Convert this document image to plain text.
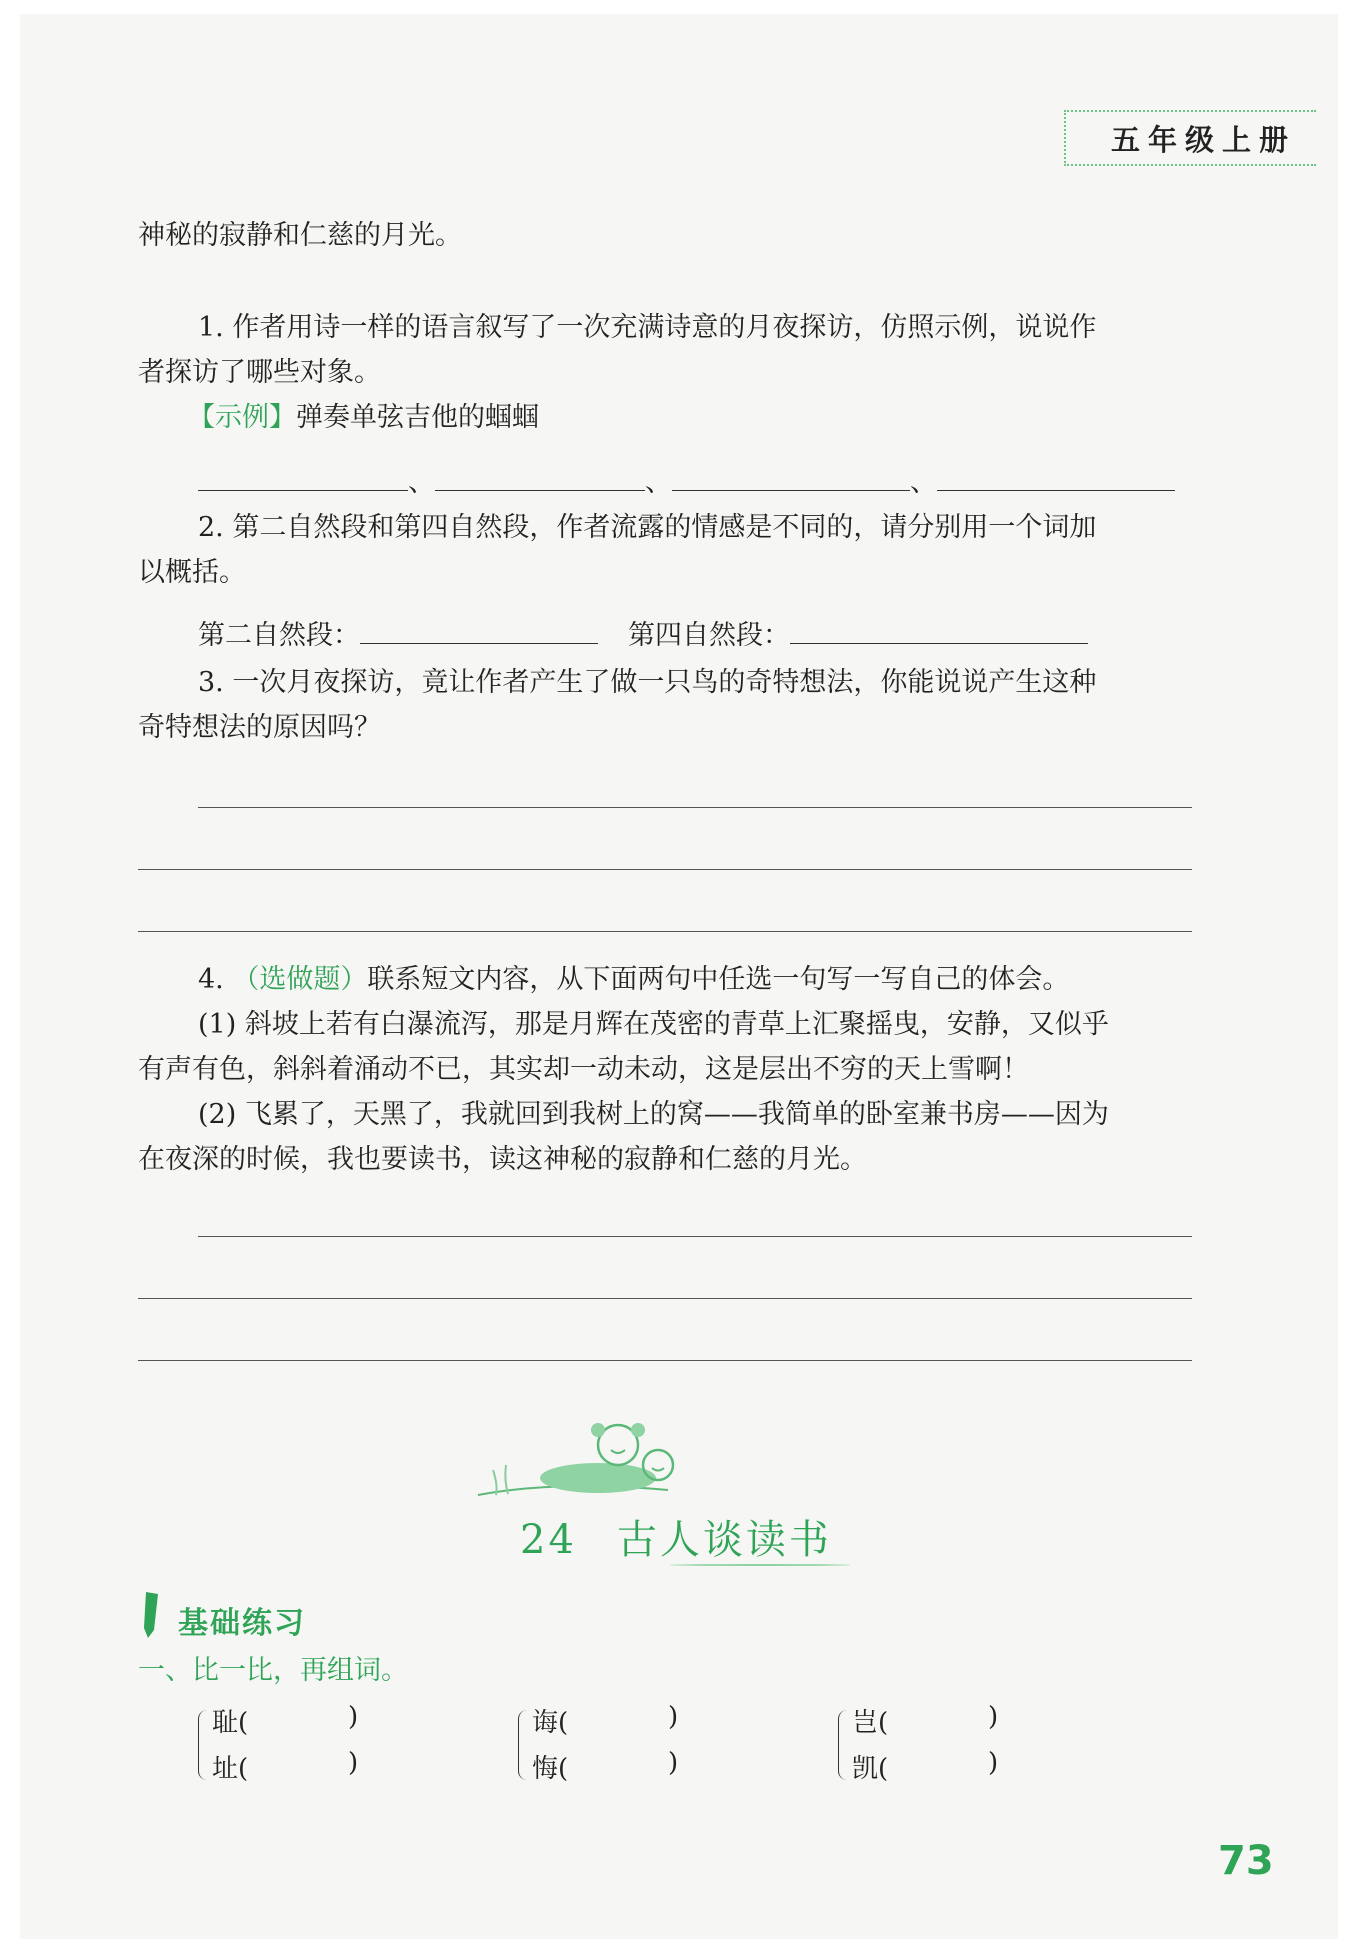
五年级上册
神秘的寂静和仁慈的月光。
1. 作者用诗一样的语言叙写了一次充满诗意的月夜探访，仿照示例，说说作
者探访了哪些对象。
【示例】弹奏单弦吉他的蝈蝈
、	、	、
2. 第二自然段和第四自然段，作者流露的情感是不同的，请分别用一个词加
以概括。
第二自然段：	第四自然段：
3. 一次月夜探访，竟让作者产生了做一只鸟的奇特想法，你能说说产生这种
奇特想法的原因吗？
4. （选做题）联系短文内容，从下面两句中任选一句写一写自己的体会。
(1) 斜坡上若有白瀑流泻，那是月辉在茂密的青草上汇聚摇曳，安静，又似乎
有声有色，斜斜着涌动不已，其实却一动未动，这是层出不穷的天上雪啊！
(2) 飞累了，天黑了，我就回到我树上的窝——我简单的卧室兼书房——因为
在夜深的时候，我也要读书，读这神秘的寂静和仁慈的月光。
24 古人谈读书
基础练习
一、比一比，再组词。
耻(	)
址(	)
诲(	)
悔(	)
岂(	)
凯(	)
73
